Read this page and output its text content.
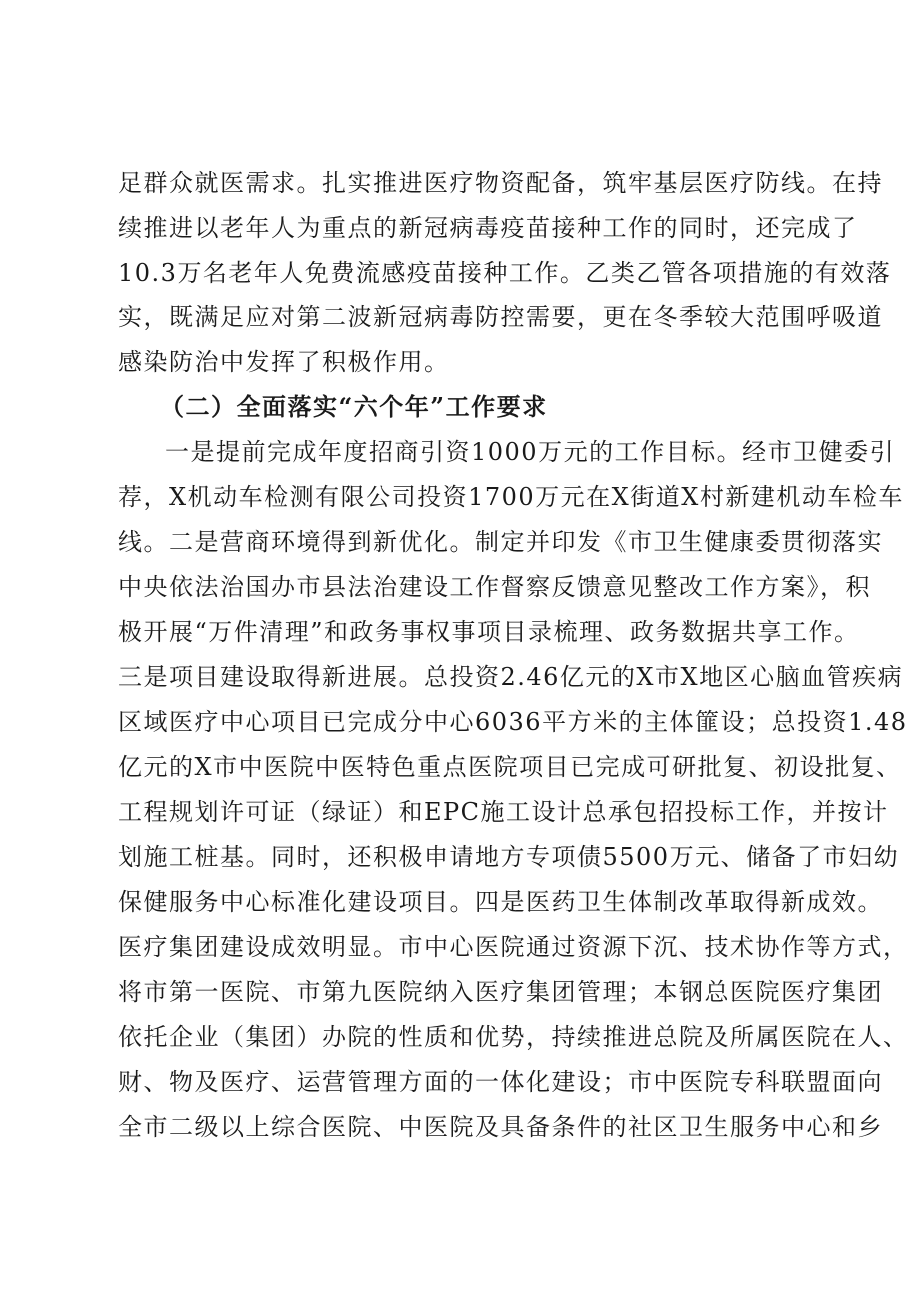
足群众就医需求。扎实推进医疗物资配备，筑牢基层医疗防线。在持
续推进以老年人为重点的新冠病毒疫苗接种工作的同时，还完成了
10.3万名老年人免费流感疫苗接种工作。乙类乙管各项措施的有效落
实，既满足应对第二波新冠病毒防控需要，更在冬季较大范围呼吸道
感染防治中发挥了积极作用。
（二）全面落实“六个年”工作要求
一是提前完成年度招商引资1000万元的工作目标。经市卫健委引
荐，X机动车检测有限公司投资1700万元在X街道X村新建机动车检车
线。二是营商环境得到新优化。制定并印发《市卫生健康委贯彻落实
中央依法治国办市县法治建设工作督察反馈意见整改工作方案》，积
极开展“万件清理”和政务事权事项目录梳理、政务数据共享工作。
三是项目建设取得新进展。总投资2.46亿元的X市X地区心脑血管疾病
区域医疗中心项目已完成分中心6036平方米的主体篚设；总投资1.48
亿元的X市中医院中医特色重点医院项目已完成可研批复、初设批复、
工程规划许可证（绿证）和EPC施工设计总承包招投标工作，并按计
划施工桩基。同时，还积极申请地方专项债5500万元、储备了市妇幼
保健服务中心标准化建设项目。四是医药卫生体制改革取得新成效。
医疗集团建设成效明显。市中心医院通过资源下沉、技术协作等方式，
将市第一医院、市第九医院纳入医疗集团管理；本钢总医院医疗集团
依托企业（集团）办院的性质和优势，持续推进总院及所属医院在人、
财、物及医疗、运营管理方面的一体化建设；市中医院专科联盟面向
全市二级以上综合医院、中医院及具备条件的社区卫生服务中心和乡
